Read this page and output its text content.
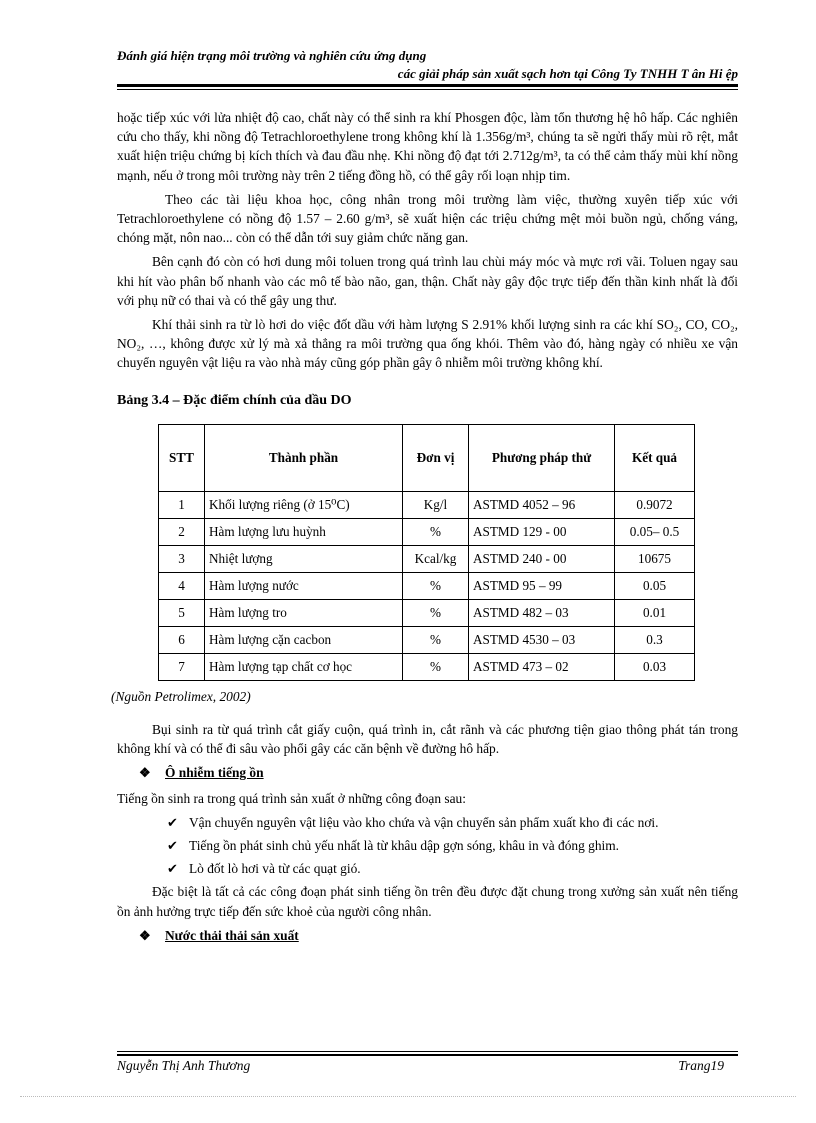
Đánh giá hiện trạng môi trường và nghiên cứu ứng dụng
các giải pháp sản xuất sạch hơn tại Công Ty TNHH T ân Hi ệp

hoặc tiếp xúc với lửa nhiệt độ cao, chất này có thể sinh ra khí Phosgen độc, làm tổn thương hệ hô hấp. Các nghiên cứu cho thấy, khi nồng độ Tetrachloroethylene trong không khí là 1.356g/m³, chúng ta sẽ ngửi thấy mùi rõ rệt, mắt xuất hiện triệu chứng bị kích thích và đau đầu nhẹ. Khi nồng độ đạt tới 2.712g/m³, ta có thể cảm thấy mùi khí nồng mạnh, nếu ở trong môi trường này trên 2 tiếng đồng hồ, có thể gây rối loạn nhịp tim.

Theo các tài liệu khoa học, công nhân trong môi trường làm việc, thường xuyên tiếp xúc với Tetrachloroethylene có nồng độ 1.57 – 2.60 g/m³, sẽ xuất hiện các triệu chứng mệt mỏi buồn ngủ, chống váng, chóng mặt, nôn nao... còn có thể dẫn tới suy giảm chức năng gan.

Bên cạnh đó còn có hơi dung môi toluen trong quá trình lau chùi máy móc và mực rơi vãi. Toluen ngay sau khi hít vào phân bố nhanh vào các mô tế bào não, gan, thận. Chất này gây độc trực tiếp đến thần kinh nhất là đối với phụ nữ có thai và có thể gây ung thư.

Khí thải sinh ra từ lò hơi do việc đốt dầu với hàm lượng S 2.91% khối lượng sinh ra các khí SO₂, CO, CO₂, NO₂, …, không được xử lý mà xả thẳng ra môi trường qua ống khói. Thêm vào đó, hàng ngày có nhiều xe vận chuyển nguyên vật liệu ra vào nhà máy cũng góp phần gây ô nhiễm môi trường không khí.

Bảng 3.4 – Đặc điểm chính của dầu DO

STT	Thành phần	Đơn vị	Phương pháp thử	Kết quả
1	Khối lượng riêng (ở 15⁰C)	Kg/l	ASTMD 4052 – 96	0.9072
2	Hàm lượng lưu huỳnh	%	ASTMD 129 - 00	0.05– 0.5
3	Nhiệt lượng	Kcal/kg	ASTMD 240 - 00	10675
4	Hàm lượng nước	%	ASTMD 95 – 99	0.05
5	Hàm lượng tro	%	ASTMD 482 – 03	0.01
6	Hàm lượng cặn cacbon	%	ASTMD 4530 – 03	0.3
7	Hàm lượng tạp chất cơ học	%	ASTMD 473 – 02	0.03

(Nguồn Petrolimex, 2002)

Bụi sinh ra từ quá trình cắt giấy cuộn, quá trình in, cắt rãnh và các phương tiện giao thông phát tán trong không khí và có thể đi sâu vào phổi gây các căn bệnh về đường hô hấp.

❖ Ô nhiễm tiếng ồn

Tiếng ồn sinh ra trong quá trình sản xuất ở những công đoạn sau:

✔ Vận chuyển nguyên vật liệu vào kho chứa và vận chuyển sản phẩm xuất kho đi các nơi.

✔ Tiếng ồn phát sinh chủ yếu nhất là từ khâu dập gợn sóng, khâu in và đóng ghim.

✔ Lò đốt lò hơi và từ các quạt gió.

Đặc biệt là tất cả các công đoạn phát sinh tiếng ồn trên đều được đặt chung trong xưởng sản xuất nên tiếng ồn ảnh hưởng trực tiếp đến sức khoẻ của người công nhân.

❖ Nước thải thải sản xuất

Nguyễn Thị Anh Thương	Trang19
